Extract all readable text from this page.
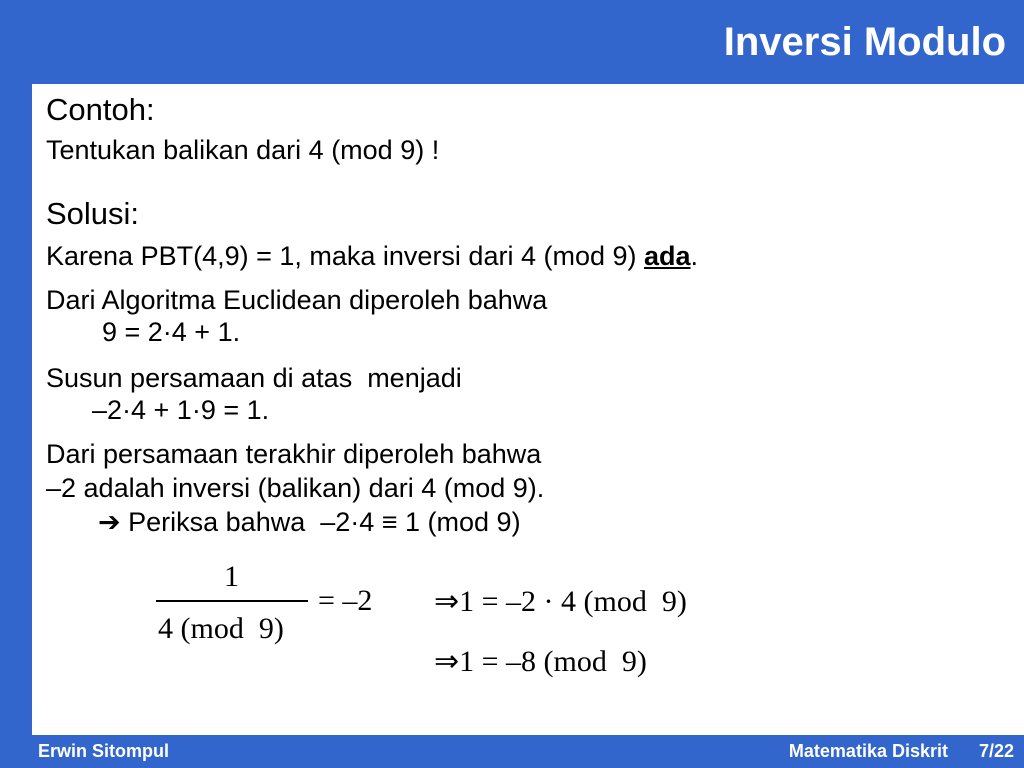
Inversi Modulo
Contoh:
Tentukan balikan dari 4 (mod 9) !
Solusi:
Karena PBT(4,9) = 1, maka inversi dari 4 (mod 9) ada.
Dari Algoritma Euclidean diperoleh bahwa
9 = 2·4 + 1.
Susun persamaan di atas  menjadi
–2·4 + 1·9 = 1.
Dari persamaan terakhir diperoleh bahwa
–2 adalah inversi (balikan) dari 4 (mod 9).
➔ Periksa bahwa  –2·4 ≡ 1 (mod 9)
1
4 (mod  9)
= –2 ⇒1 = –2 · 4 (mod  9)
⇒1 = –8 (mod  9)
Erwin Sitompul	Matematika Diskrit 7/22
